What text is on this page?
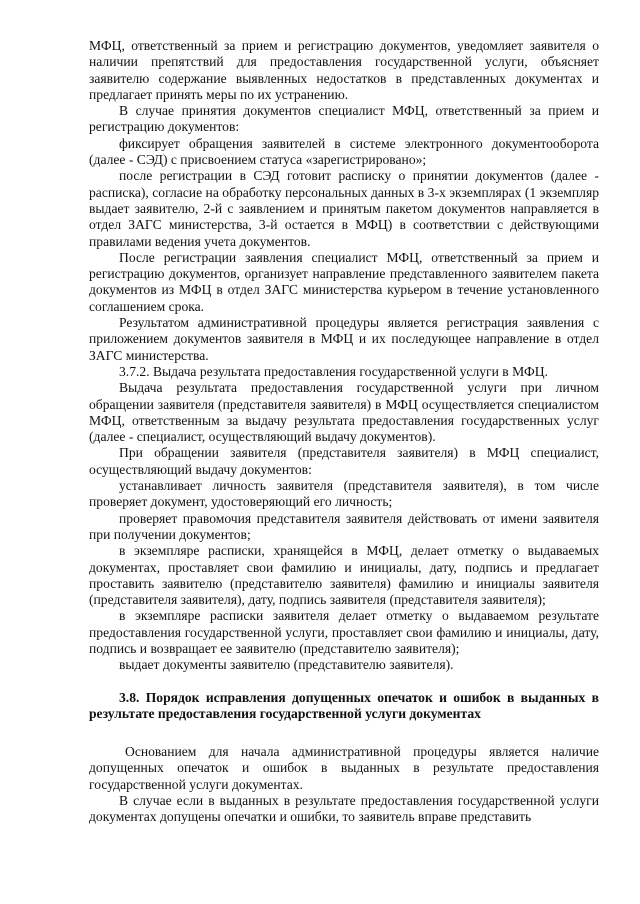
МФЦ, ответственный за прием и регистрацию документов, уведомляет заявителя о наличии препятствий для предоставления государственной услуги, объясняет заявителю содержание выявленных недостатков в представленных документах и предлагает принять меры по их устранению.

В случае принятия документов специалист МФЦ, ответственный за прием и регистрацию документов:

фиксирует обращения заявителей в системе электронного документооборота (далее - СЭД) с присвоением статуса «зарегистрировано»;

после регистрации в СЭД готовит расписку о принятии документов (далее - расписка), согласие на обработку персональных данных в 3-х экземплярах (1 экземпляр выдает заявителю, 2-й с заявлением и принятым пакетом документов направляется в отдел ЗАГС министерства, 3-й остается в МФЦ) в соответствии с действующими правилами ведения учета документов.

После регистрации заявления специалист МФЦ, ответственный за прием и регистрацию документов, организует направление представленного заявителем пакета документов из МФЦ в отдел ЗАГС министерства курьером в течение установленного соглашением срока.

Результатом административной процедуры является регистрация заявления с приложением документов заявителя в МФЦ и их последующее направление в отдел ЗАГС министерства.

3.7.2. Выдача результата предоставления государственной услуги в МФЦ.

Выдача результата предоставления государственной услуги при личном обращении заявителя (представителя заявителя) в МФЦ осуществляется специалистом МФЦ, ответственным за выдачу результата предоставления государственных услуг (далее - специалист, осуществляющий выдачу документов).

При обращении заявителя (представителя заявителя) в МФЦ специалист, осуществляющий выдачу документов:

устанавливает личность заявителя (представителя заявителя), в том числе проверяет документ, удостоверяющий его личность;

проверяет правомочия представителя заявителя действовать от имени заявителя при получении документов;

в экземпляре расписки, хранящейся в МФЦ, делает отметку о выдаваемых документах, проставляет свои фамилию и инициалы, дату, подпись и предлагает проставить заявителю (представителю заявителя) фамилию и инициалы заявителя (представителя заявителя), дату, подпись заявителя (представителя заявителя);

в экземпляре расписки заявителя делает отметку о выдаваемом результате предоставления государственной услуги, проставляет свои фамилию и инициалы, дату, подпись и возвращает ее заявителю (представителю заявителя);

выдает документы заявителю (представителю заявителя).

3.8. Порядок исправления допущенных опечаток и ошибок в выданных в результате предоставления государственной услуги документах

Основанием для начала административной процедуры является наличие допущенных опечаток и ошибок в выданных в результате предоставления государственной услуги документах.

В случае если в выданных в результате предоставления государственной услуги документах допущены опечатки и ошибки, то заявитель вправе представить
